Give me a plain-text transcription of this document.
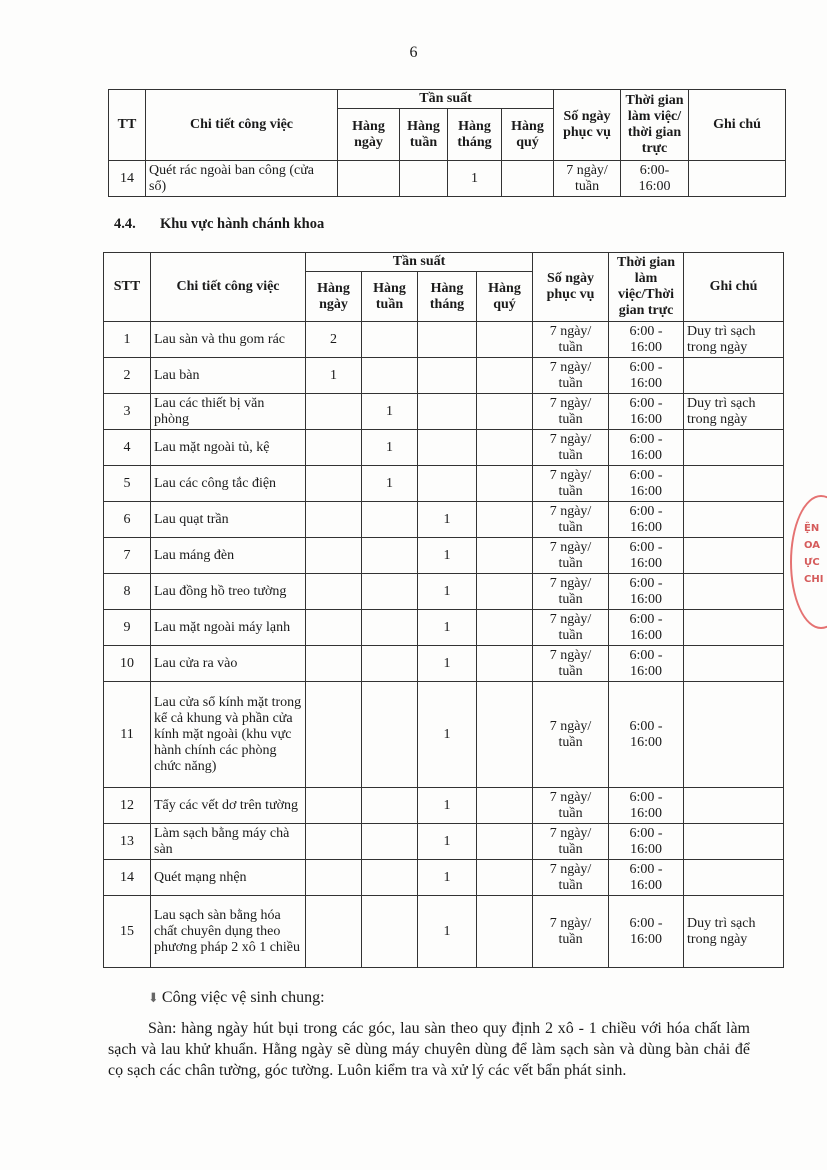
6
TT	Chi tiết công việc	Tần suất				Số ngày phục vụ	Thời gian làm việc/ thời gian trực	Ghi chú
		Hàng ngày	Hàng tuần	Hàng tháng	Hàng quý			
14	Quét rác ngoài ban công (cửa sổ)			1		7 ngày/ tuần	6:00- 16:00	
4.4. Khu vực hành chánh khoa
STT	Chi tiết công việc	Tần suất				Số ngày phục vụ	Thời gian làm việc/Thời gian trực	Ghi chú
		Hàng ngày	Hàng tuần	Hàng tháng	Hàng quý			
1	Lau sàn và thu gom rác	2				7 ngày/ tuần	6:00 - 16:00	Duy trì sạch trong ngày
2	Lau bàn	1				7 ngày/ tuần	6:00 - 16:00	
3	Lau các thiết bị văn phòng		1			7 ngày/ tuần	6:00 - 16:00	Duy trì sạch trong ngày
4	Lau mặt ngoài tủ, kệ		1			7 ngày/ tuần	6:00 - 16:00	
5	Lau các công tắc điện		1			7 ngày/ tuần	6:00 - 16:00	
6	Lau quạt trần			1		7 ngày/ tuần	6:00 - 16:00	
7	Lau máng đèn			1		7 ngày/ tuần	6:00 - 16:00	
8	Lau đồng hồ treo tường			1		7 ngày/ tuần	6:00 - 16:00	
9	Lau mặt ngoài máy lạnh			1		7 ngày/ tuần	6:00 - 16:00	
10	Lau cửa ra vào			1		7 ngày/ tuần	6:00 - 16:00	
11	Lau cửa sổ kính mặt trong kể cả khung và phần cửa kính mặt ngoài (khu vực hành chính các phòng chức năng)			1		7 ngày/ tuần	6:00 - 16:00	
12	Tẩy các vết dơ trên tường			1		7 ngày/ tuần	6:00 - 16:00	
13	Làm sạch bằng máy chà sàn			1		7 ngày/ tuần	6:00 - 16:00	
14	Quét mạng nhện			1		7 ngày/ tuần	6:00 - 16:00	
15	Lau sạch sàn bằng hóa chất chuyên dụng theo phương pháp 2 xô 1 chiều			1		7 ngày/ tuần	6:00 - 16:00	Duy trì sạch trong ngày
⬇ Công việc vệ sinh chung:
Sàn: hàng ngày hút bụi trong các góc, lau sàn theo quy định 2 xô - 1 chiều với hóa chất làm sạch và lau khử khuẩn. Hằng ngày sẽ dùng máy chuyên dùng để làm sạch sàn và dùng bàn chải để cọ sạch các chân tường, góc tường. Luôn kiểm tra và xử lý các vết bẩn phát sinh.
ỆN
OA
ỰC
CHI
